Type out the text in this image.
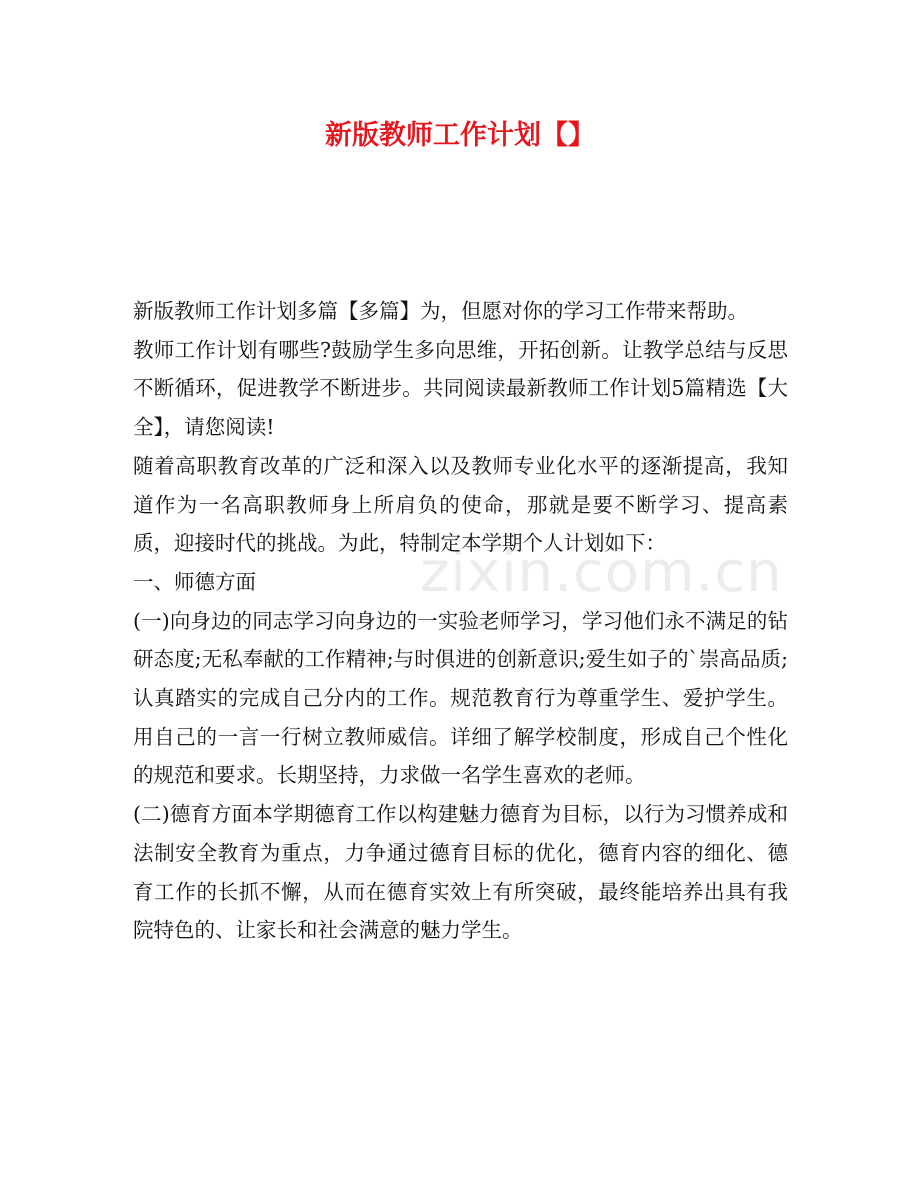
新版教师工作计划【】
zixin.com.cn

新版教师工作计划多篇【多篇】为，但愿对你的学习工作带来帮助。

教师工作计划有哪些?鼓励学生多向思维，开拓创新。让教学总结与反思不断循环，促进教学不断进步。共同阅读最新教师工作计划5篇精选【大全】，请您阅读!

随着高职教育改革的广泛和深入以及教师专业化水平的逐渐提高，我知道作为一名高职教师身上所肩负的使命，那就是要不断学习、提高素质，迎接时代的挑战。为此，特制定本学期个人计划如下：

一、师德方面

(一)向身边的同志学习向身边的一实验老师学习，学习他们永不满足的钻研态度;无私奉献的工作精神;与时俱进的创新意识;爱生如子的`崇高品质;认真踏实的完成自己分内的工作。规范教育行为尊重学生、爱护学生。用自己的一言一行树立教师威信。详细了解学校制度，形成自己个性化的规范和要求。长期坚持，力求做一名学生喜欢的老师。

(二)德育方面本学期德育工作以构建魅力德育为目标，以行为习惯养成和法制安全教育为重点，力争通过德育目标的优化，德育内容的细化、德育工作的长抓不懈，从而在德育实效上有所突破，最终能培养出具有我院特色的、让家长和社会满意的魅力学生。
